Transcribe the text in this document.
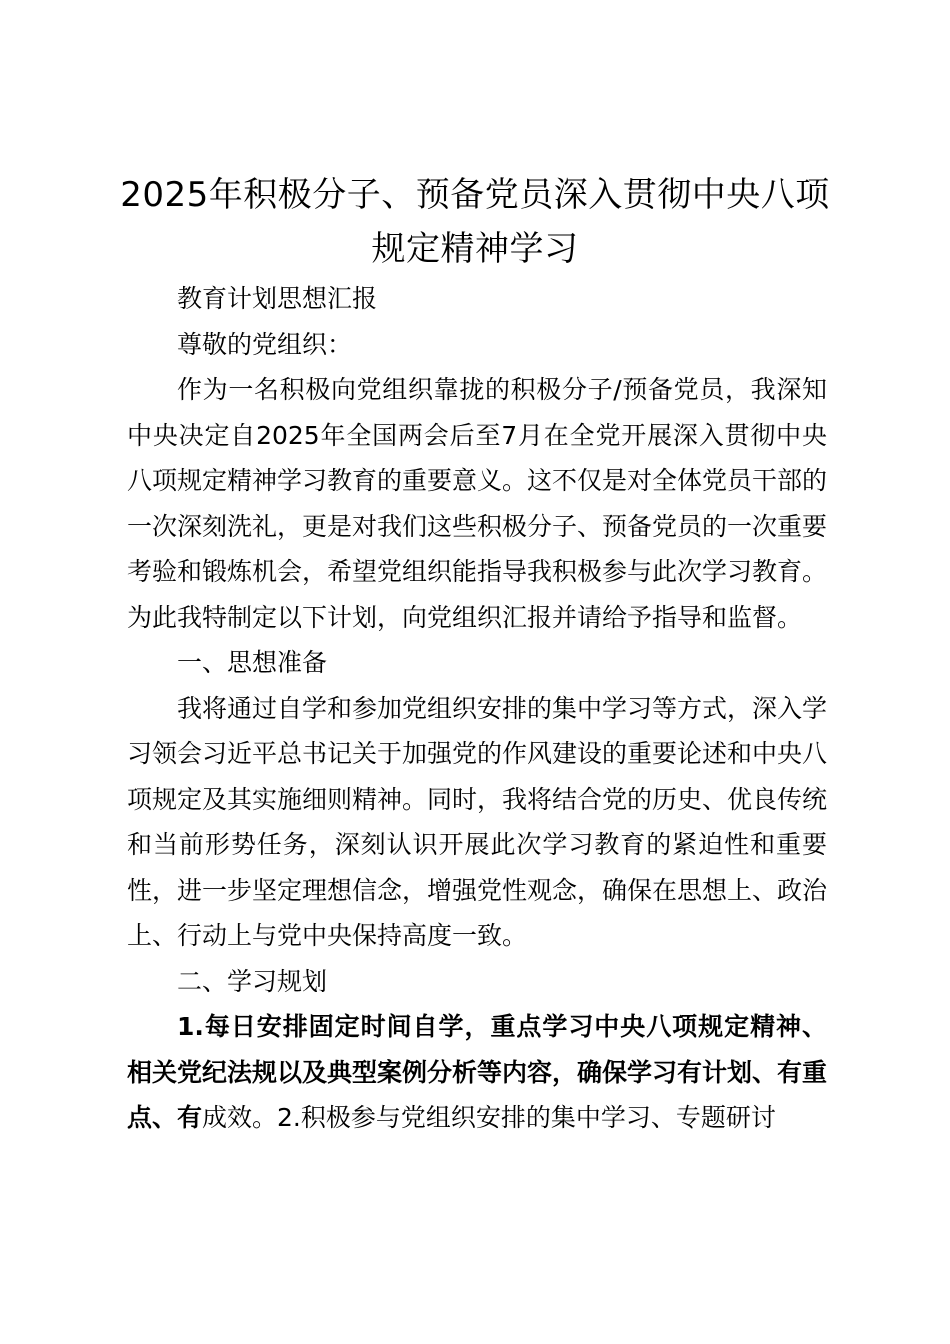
2025年积极分子、预备党员深入贯彻中央八项规定精神学习

教育计划思想汇报

尊敬的党组织：

作为一名积极向党组织靠拢的积极分子/预备党员，我深知中央决定自2025年全国两会后至7月在全党开展深入贯彻中央八项规定精神学习教育的重要意义。这不仅是对全体党员干部的一次深刻洗礼，更是对我们这些积极分子、预备党员的一次重要考验和锻炼机会，希望党组织能指导我积极参与此次学习教育。为此我特制定以下计划，向党组织汇报并请给予指导和监督。

一、思想准备

我将通过自学和参加党组织安排的集中学习等方式，深入学习领会习近平总书记关于加强党的作风建设的重要论述和中央八项规定及其实施细则精神。同时，我将结合党的历史、优良传统和当前形势任务，深刻认识开展此次学习教育的紧迫性和重要性，进一步坚定理想信念，增强党性观念，确保在思想上、政治上、行动上与党中央保持高度一致。

二、学习规划

1.每日安排固定时间自学，重点学习中央八项规定精神、相关党纪法规以及典型案例分析等内容，确保学习有计划、有重点、有成效。2.积极参与党组织安排的集中学习、专题研讨
